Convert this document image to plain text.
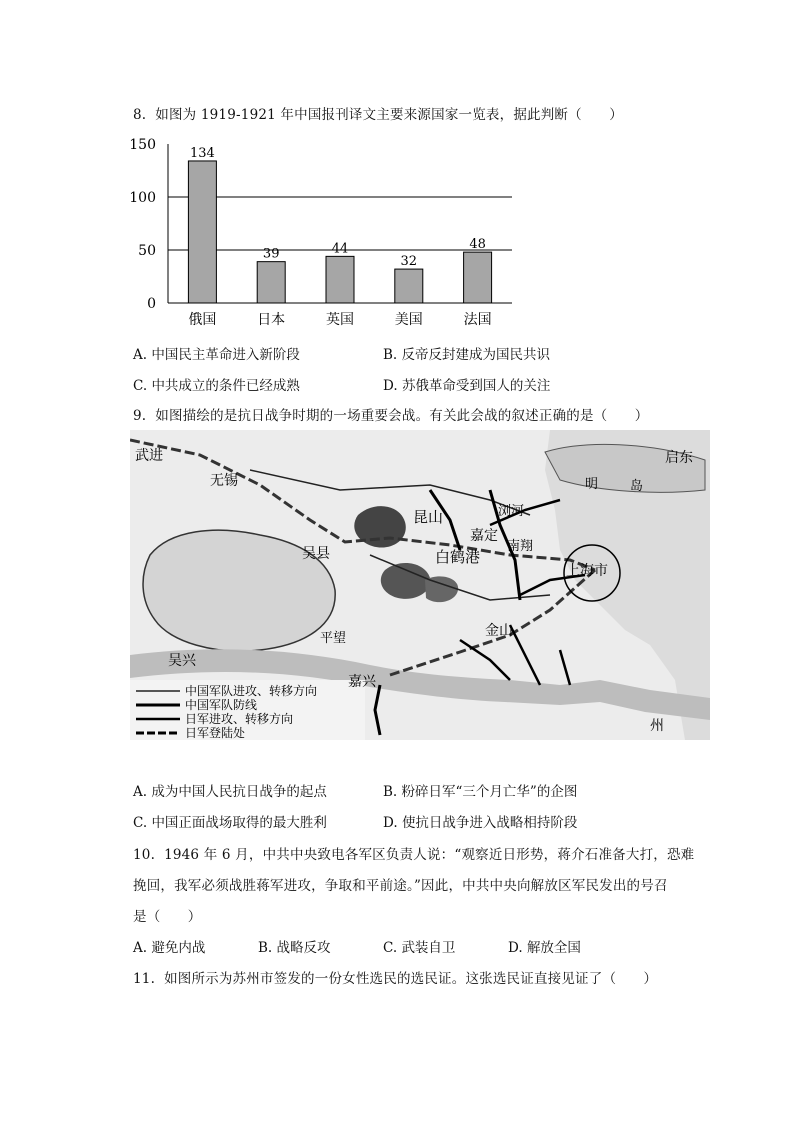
8. 如图为 1919-1921 年中国报刊译文主要来源国家一览表，据此判断（　　）
0
50
100
150
俄国	日本	英国	美国	法国
134
39	44
32
48
A. 中国民主革命进入新阶段	B. 反帝反封建成为国民共识
C. 中共成立的条件已经成熟	D. 苏俄革命受到国人的关注
9. 如图描绘的是抗日战争时期的一场重要会战。有关此会战的叙述正确的是（　　）
中国军队进攻、转移方向
中国军队防线
日军进攻、转移方向
日军登陆处
武进
无锡
昆山
嘉定
浏河
南翔
白鹤港
上海市
吴县
平望	金山
吴兴
嘉兴
启东
明 岛
州
A. 成为中国人民抗日战争的起点	B. 粉碎日军“三个月亡华”的企图
C. 中国正面战场取得的最大胜利	D. 使抗日战争进入战略相持阶段
10. 1946 年 6 月，中共中央致电各军区负责人说：“观察近日形势，蒋介石准备大打，恐难
挽回，我军必须战胜蒋军进攻，争取和平前途。”因此，中共中央向解放区军民发出的号召
是（　　）
A. 避免内战	B. 战略反攻	C. 武装自卫	D. 解放全国
11. 如图所示为苏州市签发的一份女性选民的选民证。这张选民证直接见证了（　　）
